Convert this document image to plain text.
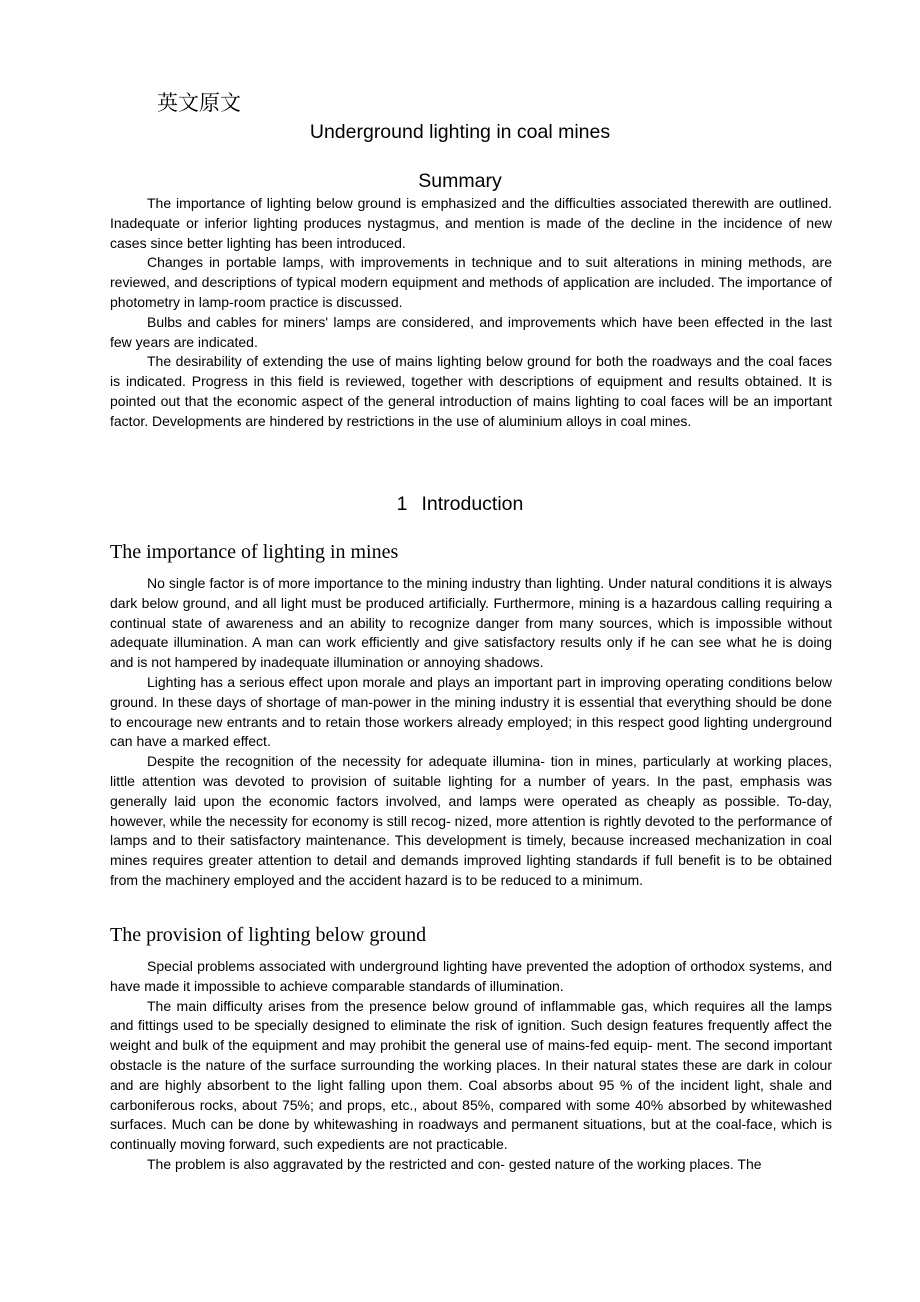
英文原文
Underground lighting in coal mines
Summary

The importance of lighting below ground is emphasized and the difficulties associated therewith are outlined. Inadequate or inferior lighting produces nystagmus, and mention is made of the decline in the incidence of new cases since better lighting has been introduced.

Changes in portable lamps, with improvements in technique and to suit alterations in mining methods, are reviewed, and descriptions of typical modern equipment and methods of application are included. The importance of photometry in lamp-room practice is discussed.

Bulbs and cables for miners' lamps are considered, and improvements which have been effected in the last few years are indicated.

The desirability of extending the use of mains lighting below ground for both the roadways and the coal faces is indicated. Progress in this field is reviewed, together with descriptions of equipment and results obtained. It is pointed out that the economic aspect of the general introduction of mains lighting to coal faces will be an important factor. Developments are hindered by restrictions in the use of aluminium alloys in coal mines.

1 Introduction
The importance of lighting in mines

No single factor is of more importance to the mining industry than lighting. Under natural conditions it is always dark below ground, and all light must be produced artificially. Furthermore, mining is a hazardous calling requiring a continual state of awareness and an ability to recognize danger from many sources, which is impossible without adequate illumination. A man can work efficiently and give satisfactory results only if he can see what he is doing and is not hampered by inadequate illumination or annoying shadows.

Lighting has a serious effect upon morale and plays an important part in improving operating conditions below ground. In these days of shortage of man-power in the mining industry it is essential that everything should be done to encourage new entrants and to retain those workers already employed; in this respect good lighting underground can have a marked effect.

Despite the recognition of the necessity for adequate illumina- tion in mines, particularly at working places, little attention was devoted to provision of suitable lighting for a number of years. In the past, emphasis was generally laid upon the economic factors involved, and lamps were operated as cheaply as possible. To-day, however, while the necessity for economy is still recog- nized, more attention is rightly devoted to the performance of lamps and to their satisfactory maintenance. This development is timely, because increased mechanization in coal mines requires greater attention to detail and demands improved lighting standards if full benefit is to be obtained from the machinery employed and the accident hazard is to be reduced to a minimum.

The provision of lighting below ground

Special problems associated with underground lighting have prevented the adoption of orthodox systems, and have made it impossible to achieve comparable standards of illumination.

The main difficulty arises from the presence below ground of inflammable gas, which requires all the lamps and fittings used to be specially designed to eliminate the risk of ignition. Such design features frequently affect the weight and bulk of the equipment and may prohibit the general use of mains-fed equip- ment. The second important obstacle is the nature of the surface surrounding the working places. In their natural states these are dark in colour and are highly absorbent to the light falling upon them. Coal absorbs about 95 % of the incident light, shale and carboniferous rocks, about 75%; and props, etc., about 85%, compared with some 40% absorbed by whitewashed surfaces. Much can be done by whitewashing in roadways and permanent situations, but at the coal-face, which is continually moving forward, such expedients are not practicable.

The problem is also aggravated by the restricted and con- gested nature of the working places. The
